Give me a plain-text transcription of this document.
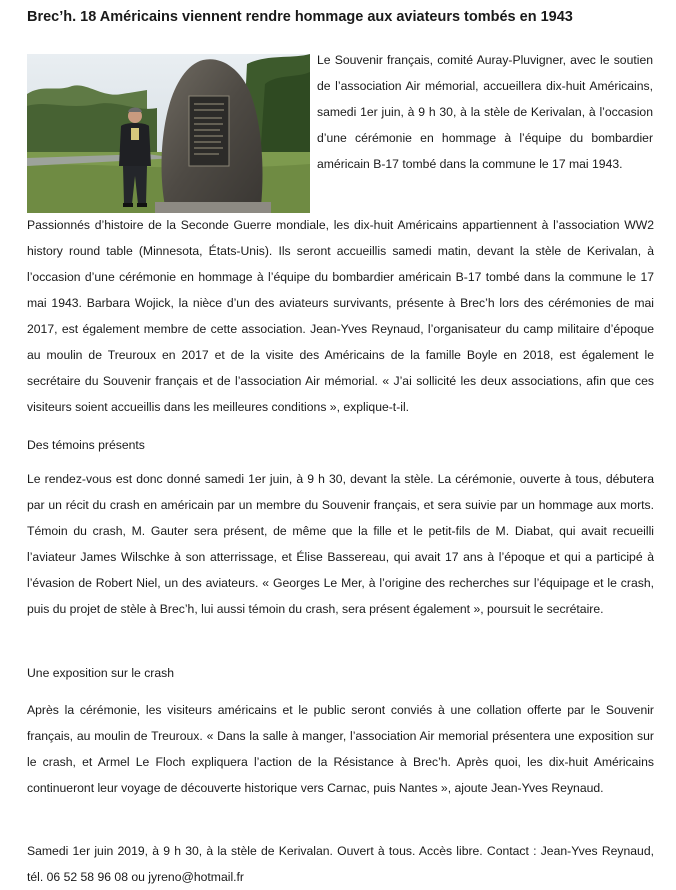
Brec’h. 18 Américains viennent rendre hommage aux aviateurs tombés en 1943

Le Souvenir français, comité Auray-Pluvigner, avec le soutien de l’association Air mémorial, accueillera dix-huit Américains, samedi 1er juin, à 9 h 30, à la stèle de Kerivalan, à l’occasion d’une cérémonie en hommage à l’équipe du bombardier américain B-17 tombé dans la commune le 17 mai 1943.

Passionnés d’histoire de la Seconde Guerre mondiale, les dix-huit Américains appartiennent à l’association WW2 history round table (Minnesota, États-Unis). Ils seront accueillis samedi matin, devant la stèle de Kerivalan, à l’occasion d’une cérémonie en hommage à l’équipe du bombardier américain B-17 tombé dans la commune le 17 mai 1943. Barbara Wojick, la nièce d’un des aviateurs survivants, présente à Brec’h lors des cérémonies de mai 2017, est également membre de cette association. Jean-Yves Reynaud, l’organisateur du camp militaire d’époque au moulin de Treuroux en 2017 et de la visite des Américains de la famille Boyle en 2018, est également le secrétaire du Souvenir français et de l’association Air mémorial. « J’ai sollicité les deux associations, afin que ces visiteurs soient accueillis dans les meilleures conditions », explique-t-il.

Des témoins présents

Le rendez-vous est donc donné samedi 1er juin, à 9 h 30, devant la stèle. La cérémonie, ouverte à tous, débutera par un récit du crash en américain par un membre du Souvenir français, et sera suivie par un hommage aux morts. Témoin du crash, M. Gauter sera présent, de même que la fille et le petit-fils de M. Diabat, qui avait recueilli l’aviateur James Wilschke à son atterrissage, et Élise Bassereau, qui avait 17 ans à l’époque et qui a participé à l’évasion de Robert Niel, un des aviateurs. « Georges Le Mer, à l’origine des recherches sur l’équipage et le crash, puis du projet de stèle à Brec’h, lui aussi témoin du crash, sera présent également », poursuit le secrétaire.

Une exposition sur le crash

Après la cérémonie, les visiteurs américains et le public seront conviés à une collation offerte par le Souvenir français, au moulin de Treuroux. « Dans la salle à manger, l’association Air memorial présentera une exposition sur le crash, et Armel Le Floch expliquera l’action de la Résistance à Brec’h. Après quoi, les dix-huit Américains continueront leur voyage de découverte historique vers Carnac, puis Nantes », ajoute Jean-Yves Reynaud.

Samedi 1er juin 2019, à 9 h 30, à la stèle de Kerivalan. Ouvert à tous. Accès libre. Contact : Jean-Yves Reynaud, tél. 06 52 58 96 08 ou jyreno@hotmail.fr
